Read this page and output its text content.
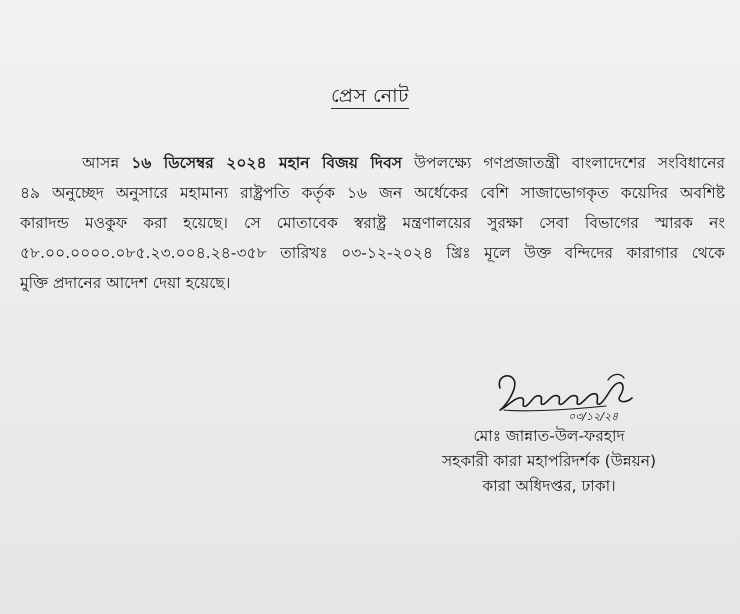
প্রেস নোট
আসন্ন ১৬ ডিসেম্বর ২০২৪ মহান বিজয় দিবস উপলক্ষ্যে গণপ্রজাতন্ত্রী বাংলাদেশের সংবিধানের
৪৯ অনুচ্ছেদ অনুসারে মহামান্য রাষ্ট্রপতি কর্তৃক ১৬ জন অর্ধেকের বেশি সাজাভোগকৃত কয়েদির অবশিষ্ট
কারাদন্ড মওকুফ করা হয়েছে। সে মোতাবেক স্বরাষ্ট্র মন্ত্রণালয়ের সুরক্ষা সেবা বিভাগের স্মারক নং
৫৮.০০.০০০০.০৮৫.২৩.০০৪.২৪-৩৫৮ তারিখঃ ০৩-১২-২০২৪ খ্রিঃ মূলে উক্ত বন্দিদের কারাগার থেকে
মুক্তি প্রদানের আদেশ দেয়া হয়েছে।
০৩/১২/২৪
মোঃ জান্নাত-উল-ফরহাদ
সহকারী কারা মহাপরিদর্শক (উন্নয়ন)
কারা অধিদপ্তর, ঢাকা।
